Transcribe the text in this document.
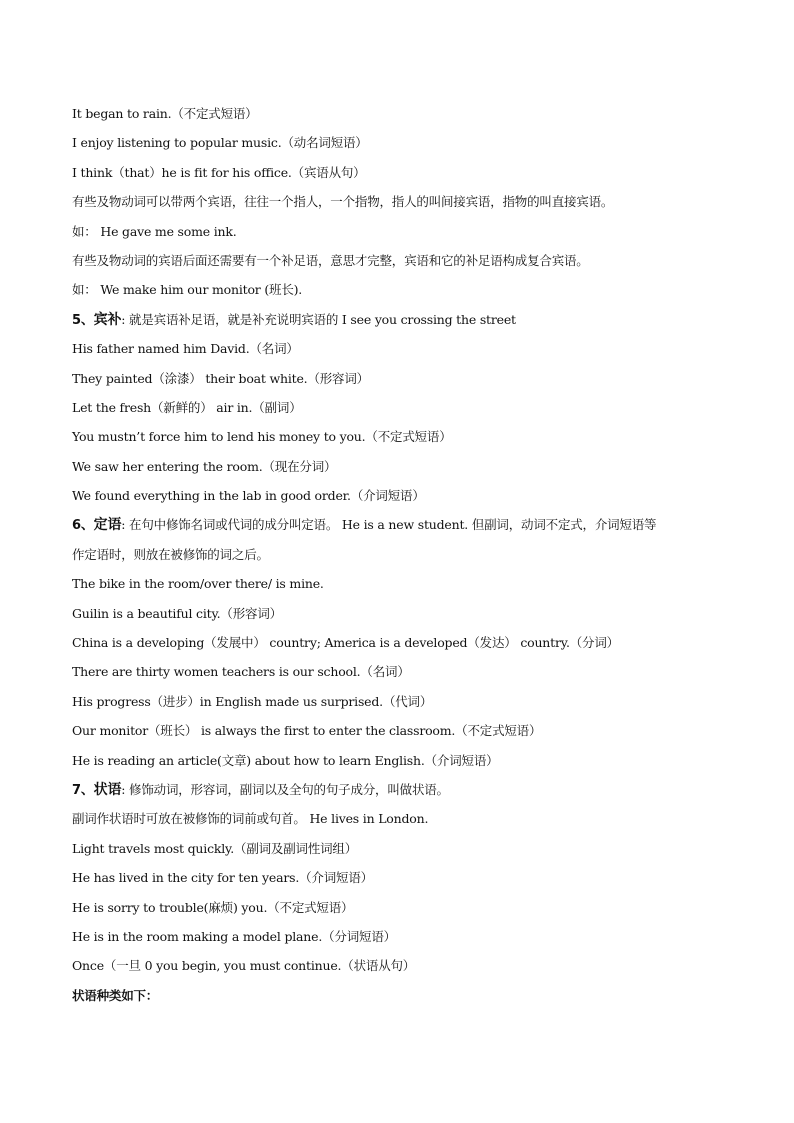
It began to rain.（不定式短语）
I enjoy listening to popular music.（动名词短语）
I think（that）he is fit for his office.（宾语从句）
有些及物动词可以带两个宾语，往往一个指人，一个指物，指人的叫间接宾语，指物的叫直接宾语。
如： He gave me some ink.
有些及物动词的宾语后面还需要有一个补足语，意思才完整，宾语和它的补足语构成复合宾语。
如： We make him our monitor (班长).
5、宾补: 就是宾语补足语，就是补充说明宾语的 I see you crossing the street
His father named him David.（名词）
They painted（涂漆） their boat white.（形容词）
Let the fresh（新鲜的） air in.（副词）
You mustn’t force him to lend his money to you.（不定式短语）
We saw her entering the room.（现在分词）
We found everything in the lab in good order.（介词短语）
6、定语: 在句中修饰名词或代词的成分叫定语。 He is a new student. 但副词，动词不定式，介词短语等
作定语时，则放在被修饰的词之后。
The bike in the room/over there/ is mine.
Guilin is a beautiful city.（形容词）
China is a developing（发展中） country; America is a developed（发达） country.（分词）
There are thirty women teachers is our school.（名词）
His progress（进步）in English made us surprised.（代词）
Our monitor（班长） is always the first to enter the classroom.（不定式短语）
He is reading an article(文章) about how to learn English.（介词短语）
7、状语: 修饰动词，形容词，副词以及全句的句子成分，叫做状语。
副词作状语时可放在被修饰的词前或句首。 He lives in London.
Light travels most quickly.（副词及副词性词组）
He has lived in the city for ten years.（介词短语）
He is sorry to trouble(麻烦) you.（不定式短语）
He is in the room making a model plane.（分词短语）
Once（一旦 0 you begin, you must continue.（状语从句）
状语种类如下：
